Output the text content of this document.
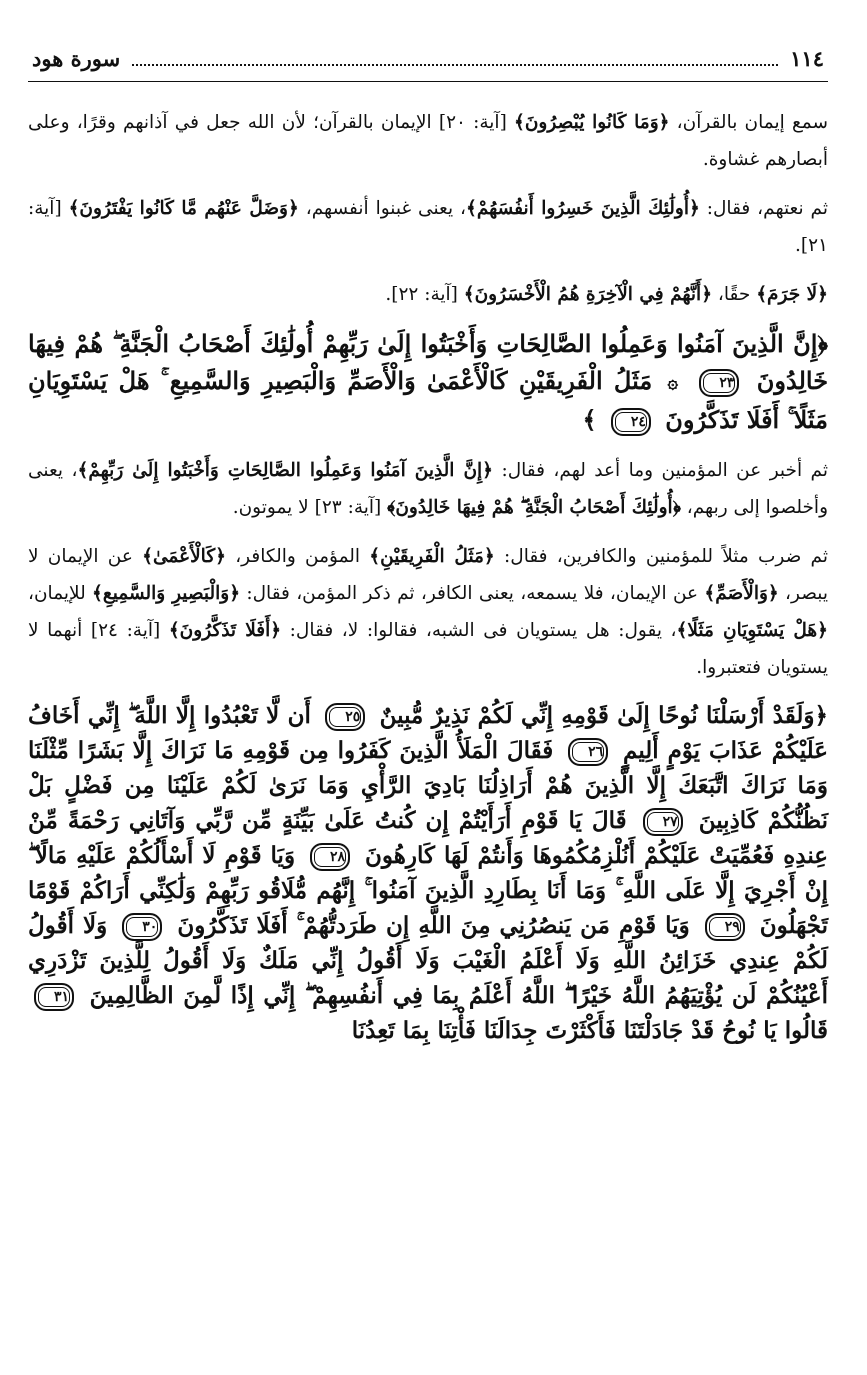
١١٤
سورة هود

سمع إيمان بالقرآن، ﴿وَمَا كَانُوا يُبْصِرُونَ﴾ [آية: ٢٠] الإيمان بالقرآن؛ لأن الله جعل في آذانهم وقرًا، وعلى أبصارهم غشاوة.

ثم نعتهم، فقال: ﴿أُولَٰئِكَ الَّذِينَ خَسِرُوا أَنفُسَهُمْ﴾، يعنى غبنوا أنفسهم، ﴿وَضَلَّ عَنْهُم مَّا كَانُوا يَفْتَرُونَ﴾ [آية: ٢١].

﴿لَا جَرَمَ﴾ حقًا، ﴿أَنَّهُمْ فِي الْآخِرَةِ هُمُ الْأَخْسَرُونَ﴾ [آية: ٢٢].

﴿إِنَّ الَّذِينَ آمَنُوا وَعَمِلُوا الصَّالِحَاتِ وَأَخْبَتُوا إِلَىٰ رَبِّهِمْ أُولَٰئِكَ أَصْحَابُ الْجَنَّةِ ۖ هُمْ فِيهَا خَالِدُونَ ٢٣ ۞ مَثَلُ الْفَرِيقَيْنِ كَالْأَعْمَىٰ وَالْأَصَمِّ وَالْبَصِيرِ وَالسَّمِيعِ ۚ هَلْ يَسْتَوِيَانِ مَثَلًا ۚ أَفَلَا تَذَكَّرُونَ ٢٤ ﴾

ثم أخبر عن المؤمنين وما أعد لهم، فقال: ﴿إِنَّ الَّذِينَ آمَنُوا وَعَمِلُوا الصَّالِحَاتِ وَأَخْبَتُوا إِلَىٰ رَبِّهِمْ﴾، يعنى وأخلصوا إلى ربهم، ﴿أُولَٰئِكَ أَصْحَابُ الْجَنَّةِ ۖ هُمْ فِيهَا خَالِدُونَ﴾ [آية: ٢٣] لا يموتون.

ثم ضرب مثلاً للمؤمنين والكافرين، فقال: ﴿مَثَلُ الْفَرِيقَيْنِ﴾ المؤمن والكافر، ﴿كَالْأَعْمَىٰ﴾ عن الإيمان لا يبصر، ﴿وَالْأَصَمِّ﴾ عن الإيمان، فلا يسمعه، يعنى الكافر، ثم ذكر المؤمن، فقال: ﴿وَالْبَصِيرِ وَالسَّمِيعِ﴾ للإيمان، ﴿هَلْ يَسْتَوِيَانِ مَثَلًا﴾، يقول: هل يستويان فى الشبه، فقالوا: لا، فقال: ﴿أَفَلَا تَذَكَّرُونَ﴾ [آية: ٢٤] أنهما لا يستويان فتعتبروا.

﴿وَلَقَدْ أَرْسَلْنَا نُوحًا إِلَىٰ قَوْمِهِ إِنِّي لَكُمْ نَذِيرٌ مُّبِينٌ ٢٥ أَن لَّا تَعْبُدُوا إِلَّا اللَّهَ ۖ إِنِّي أَخَافُ عَلَيْكُمْ عَذَابَ يَوْمٍ أَلِيمٍ ٢٦ فَقَالَ الْمَلَأُ الَّذِينَ كَفَرُوا مِن قَوْمِهِ مَا نَرَاكَ إِلَّا بَشَرًا مِّثْلَنَا وَمَا نَرَاكَ اتَّبَعَكَ إِلَّا الَّذِينَ هُمْ أَرَاذِلُنَا بَادِيَ الرَّأْيِ وَمَا نَرَىٰ لَكُمْ عَلَيْنَا مِن فَضْلٍ بَلْ نَظُنُّكُمْ كَاذِبِينَ ٢٧ قَالَ يَا قَوْمِ أَرَأَيْتُمْ إِن كُنتُ عَلَىٰ بَيِّنَةٍ مِّن رَّبِّي وَآتَانِي رَحْمَةً مِّنْ عِندِهِ فَعُمِّيَتْ عَلَيْكُمْ أَنُلْزِمُكُمُوهَا وَأَنتُمْ لَهَا كَارِهُونَ ٢٨ وَيَا قَوْمِ لَا أَسْأَلُكُمْ عَلَيْهِ مَالًا ۖ إِنْ أَجْرِيَ إِلَّا عَلَى اللَّهِ ۚ وَمَا أَنَا بِطَارِدِ الَّذِينَ آمَنُوا ۚ إِنَّهُم مُّلَاقُو رَبِّهِمْ وَلَٰكِنِّي أَرَاكُمْ قَوْمًا تَجْهَلُونَ ٢٩ وَيَا قَوْمِ مَن يَنصُرُنِي مِنَ اللَّهِ إِن طَرَدتُّهُمْ ۚ أَفَلَا تَذَكَّرُونَ ٣٠ وَلَا أَقُولُ لَكُمْ عِندِي خَزَائِنُ اللَّهِ وَلَا أَعْلَمُ الْغَيْبَ وَلَا أَقُولُ إِنِّي مَلَكٌ وَلَا أَقُولُ لِلَّذِينَ تَزْدَرِي أَعْيُنُكُمْ لَن يُؤْتِيَهُمُ اللَّهُ خَيْرًا ۖ اللَّهُ أَعْلَمُ بِمَا فِي أَنفُسِهِمْ ۖ إِنِّي إِذًا لَّمِنَ الظَّالِمِينَ ٣١ قَالُوا يَا نُوحُ قَدْ جَادَلْتَنَا فَأَكْثَرْتَ جِدَالَنَا فَأْتِنَا بِمَا تَعِدُنَا
